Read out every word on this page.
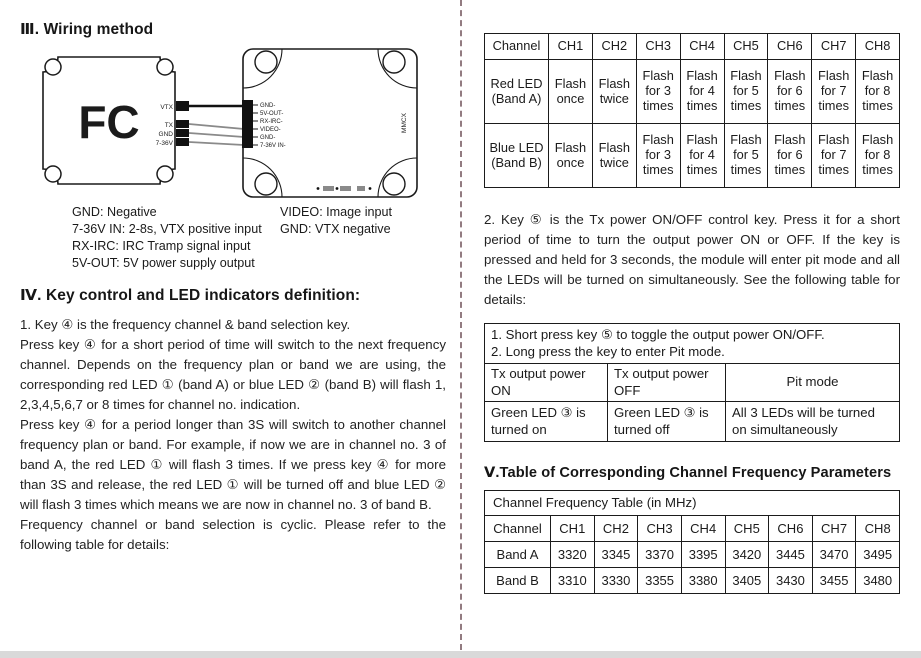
Ⅲ. Wiring method
FC	VTX
TX
GND
7-36V
GND-
5V-OUT-
RX-IRC-
VIDEO-
GND-
7-36V IN-
MMCX
GND: Negative
7-36V IN: 2-8s, VTX positive input
RX-IRC: IRC Tramp signal input
5V-OUT: 5V power supply output
VIDEO: Image input
GND: VTX negative
Ⅳ. Key control and LED indicators definition:

1. Key ④ is the frequency channel & band selection key.

Press key ④ for a short period of time will switch to the next frequency channel. Depends on the frequency plan or band we are using, the corresponding red LED ① (band A) or blue LED ② (band B) will flash 1, 2,3,4,5,6,7 or 8 times for channel no. indication.

Press key ④ for a period longer than 3S will switch to another channel frequency plan or band. For example, if now we are in channel no. 3 of band A, the red LED ① will flash 3 times. If we press key ④ for more than 3S and release, the red LED ① will be turned off and blue LED ② will flash 3 times which means we are now in channel no. 3 of band B.

Frequency channel or band selection is cyclic. Please refer to the following table for details:

Channel	CH1	CH2	CH3	CH4	CH5	CH6	CH7	CH8
Red LED (Band A)	Flash once	Flash twice	Flash for 3 times	Flash for 4 times	Flash for 5 times	Flash for 6 times	Flash for 7 times	Flash for 8 times
Blue LED (Band B)	Flash once	Flash twice	Flash for 3 times	Flash for 4 times	Flash for 5 times	Flash for 6 times	Flash for 7 times	Flash for 8 times

2. Key ⑤ is the Tx power ON/OFF control key. Press it for a short period of time to turn the output power ON or OFF. If the key is pressed and held for 3 seconds, the module will enter pit mode and all the LEDs will be turned on simultaneously. See the following table for details:

1. Short press key ⑤ to toggle the output power ON/OFF.
2. Long press the key to enter Pit mode.		

Tx output power ON	Tx output power OFF	Pit mode
Green LED ③ is turned on	Green LED ③ is turned off	All 3 LEDs will be turned on simultaneously
Ⅴ.Table of Corresponding Channel Frequency Parameters
Channel Frequency Table (in MHz)								
Channel	CH1	CH2	CH3	CH4	CH5	CH6	CH7	CH8
Band A	3320	3345	3370	3395	3420	3445	3470	3495
Band B	3310	3330	3355	3380	3405	3430	3455	3480
